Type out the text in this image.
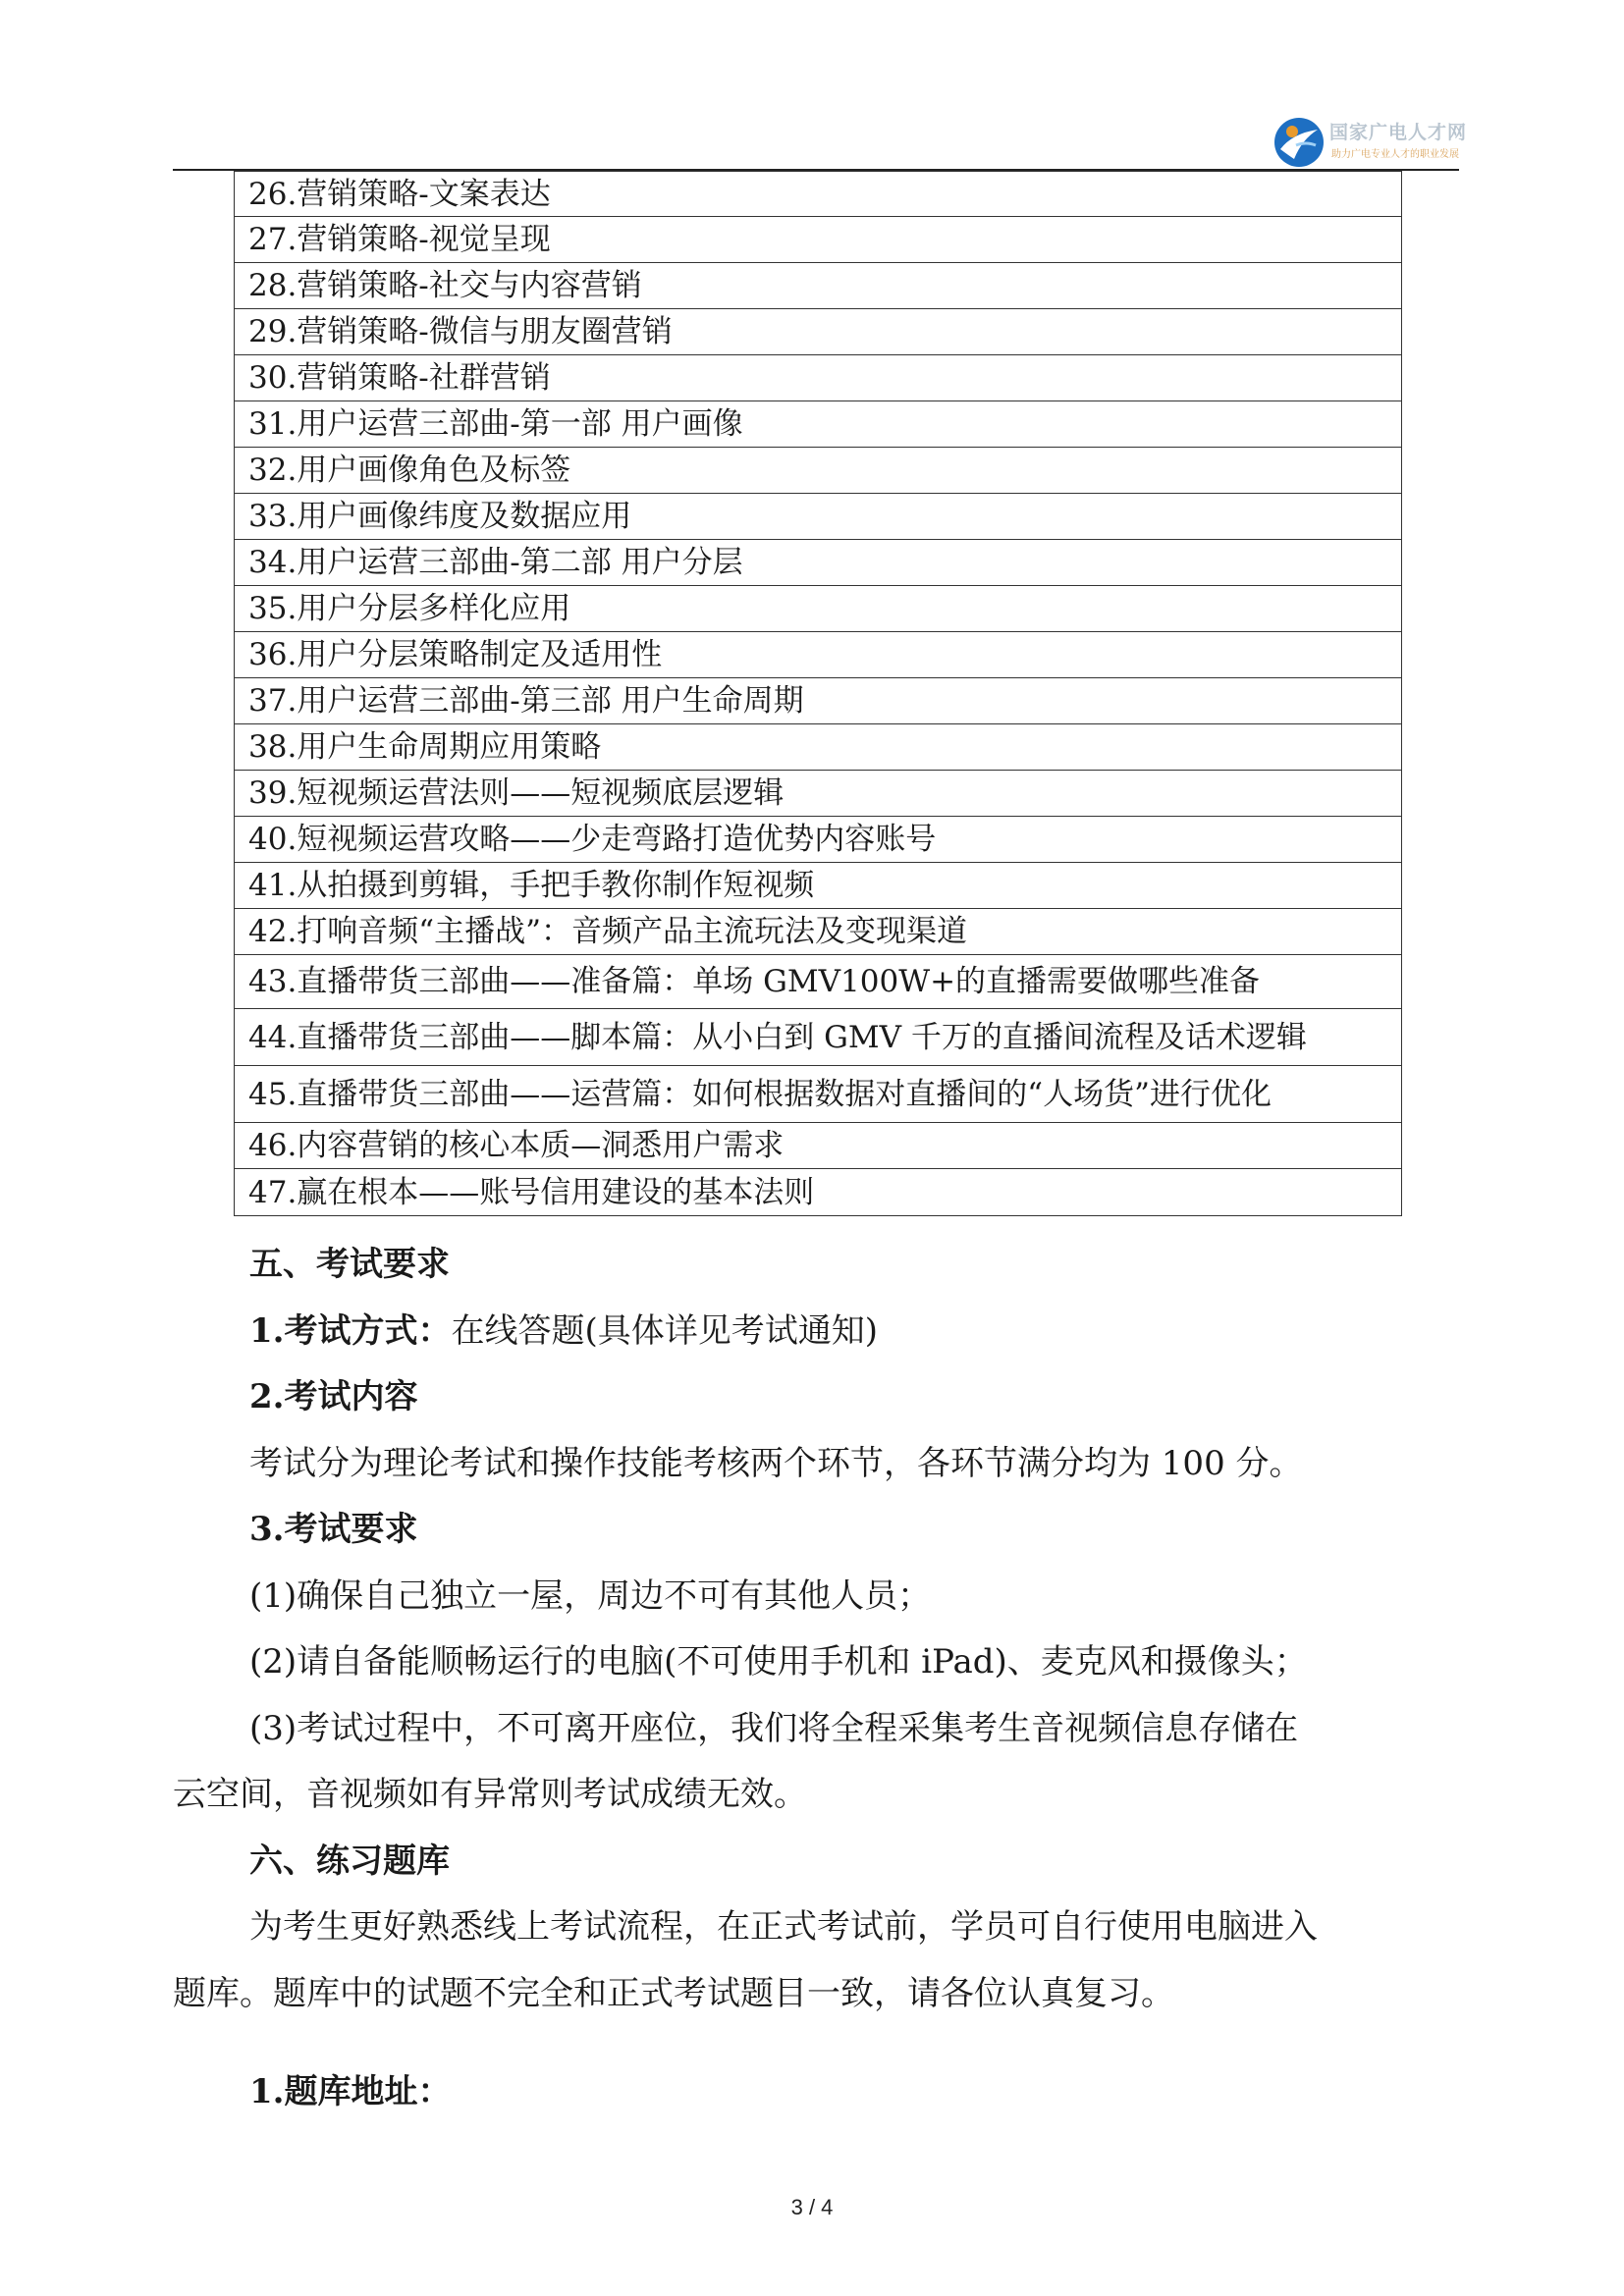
国家广电人才网
助力广电专业人才的职业发展
26.营销策略-文案表达
27.营销策略-视觉呈现
28.营销策略-社交与内容营销
29.营销策略-微信与朋友圈营销
30.营销策略-社群营销
31.用户运营三部曲-第一部 用户画像
32.用户画像角色及标签
33.用户画像纬度及数据应用
34.用户运营三部曲-第二部 用户分层
35.用户分层多样化应用
36.用户分层策略制定及适用性
37.用户运营三部曲-第三部 用户生命周期
38.用户生命周期应用策略
39.短视频运营法则——短视频底层逻辑
40.短视频运营攻略——少走弯路打造优势内容账号
41.从拍摄到剪辑，手把手教你制作短视频
42.打响音频“主播战”：音频产品主流玩法及变现渠道
43.直播带货三部曲——准备篇：单场 GMV100W+的直播需要做哪些准备
44.直播带货三部曲——脚本篇：从小白到 GMV 千万的直播间流程及话术逻辑
45.直播带货三部曲——运营篇：如何根据数据对直播间的“人场货”进行优化
46.内容营销的核心本质—洞悉用户需求
47.赢在根本——账号信用建设的基本法则
五、考试要求
1.考试方式：在线答题(具体详见考试通知)
2.考试内容
考试分为理论考试和操作技能考核两个环节，各环节满分均为 100 分。
3.考试要求
(1)确保自己独立一屋，周边不可有其他人员；
(2)请自备能顺畅运行的电脑(不可使用手机和 iPad)、麦克风和摄像头；
(3)考试过程中，不可离开座位，我们将全程采集考生音视频信息存储在
云空间，音视频如有异常则考试成绩无效。
六、练习题库
为考生更好熟悉线上考试流程，在正式考试前，学员可自行使用电脑进入
题库。题库中的试题不完全和正式考试题目一致，请各位认真复习。
1.题库地址：
3 / 4
